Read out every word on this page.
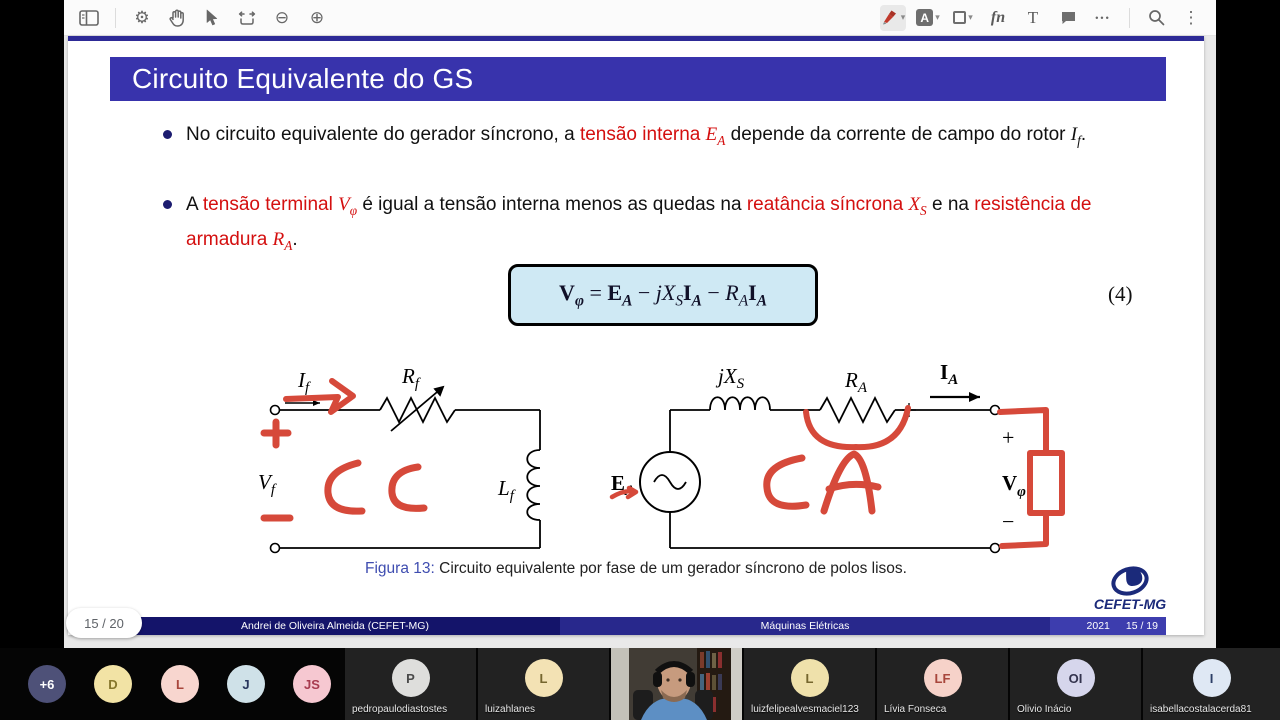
⚙	⊖ ⊕	▾	A ▾	▾ fn T	•••	⋮
Circuito Equivalente do GS
No circuito equivalente do gerador síncrono, a tensão interna $E_A$ depende da corrente de campo do rotor $I_f$.
A tensão terminal $V_\varphi$ é igual a tensão interna menos as quedas na reatância síncrona $X_S$ e na resistência de armadura $R_A$.
$V_\varphi = E_A - jX_SI_A - R_AI_A$	(4)
$I_f$	$R_f$
$V_f$	$L_f$
$E_A$
$jX_S$	$R_A$
$I_A$
$V_\varphi$
+
−
Figura 13: Circuito equivalente por fase de um gerador síncrono de polos lisos.
CEFET-MG
Andrei de Oliveira Almeida (CEFET-MG)	Máquinas Elétricas	2021 15 / 19
15 / 20
+6	D	L	J	JS	P
pedropaulodiastostes
L
luizahlanes
L
luizfelipealvesmaciel123
LF
Lívia Fonseca
OI
Olivio Inácio
I
isabellacostalacerda81
